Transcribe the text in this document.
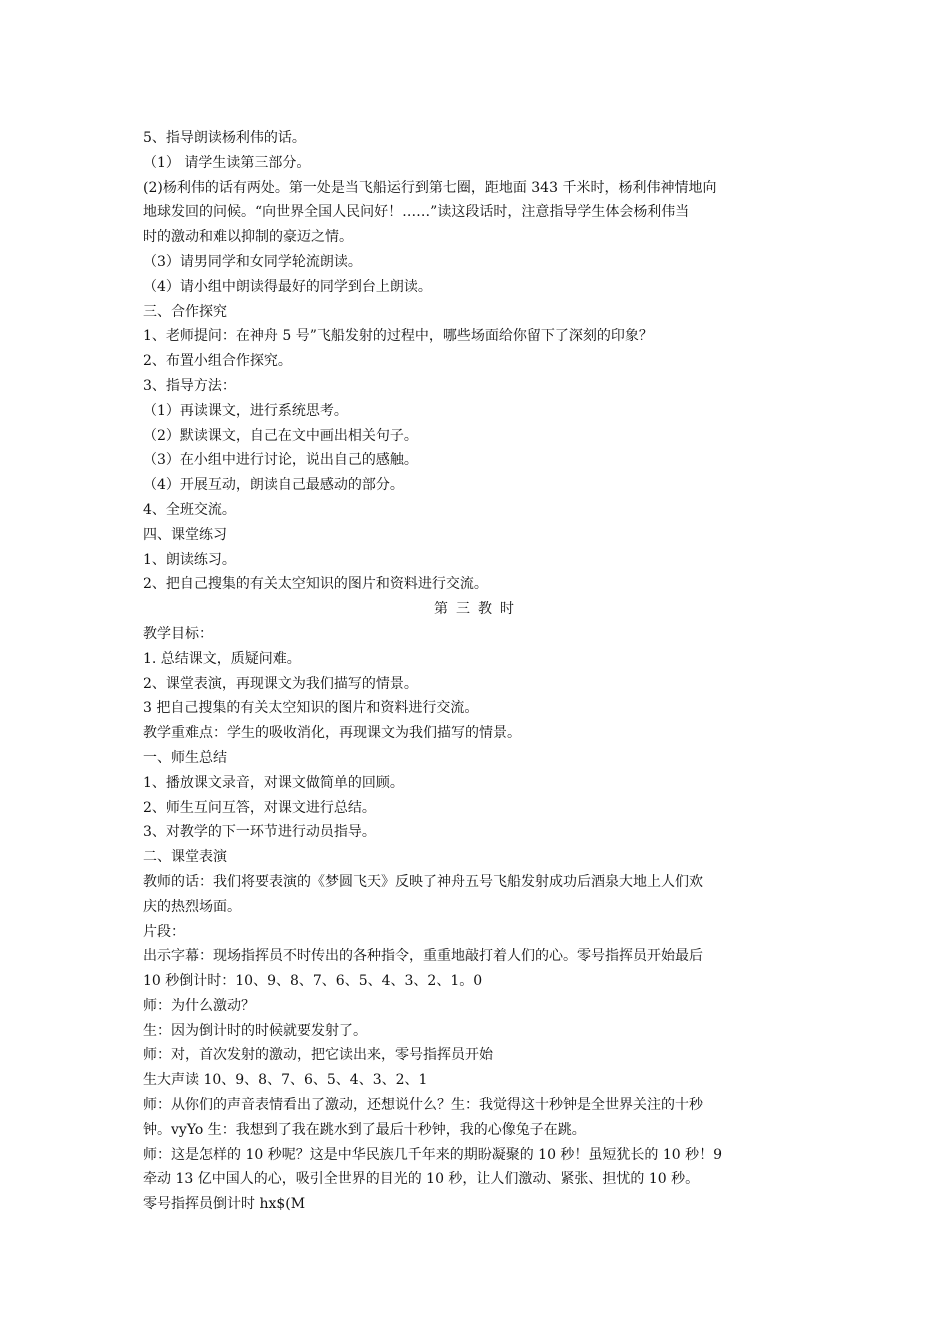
5、指导朗读杨利伟的话。
（1） 请学生读第三部分。
(2)杨利伟的话有两处。第一处是当飞船运行到第七圈，距地面 343 千米时，杨利伟神情地向
地球发回的问候。“向世界全国人民问好！……”读这段话时，注意指导学生体会杨利伟当
时的激动和难以抑制的豪迈之情。
（3）请男同学和女同学轮流朗读。
（4）请小组中朗读得最好的同学到台上朗读。
三、合作探究
1、老师提问：在神舟 5 号”飞船发射的过程中，哪些场面给你留下了深刻的印象？
2、布置小组合作探究。
3、指导方法：
（1）再读课文，进行系统思考。
（2）默读课文，自己在文中画出相关句子。
（3）在小组中进行讨论，说出自己的感触。
（4）开展互动，朗读自己最感动的部分。
4、全班交流。
四、课堂练习
1、朗读练习。
2、把自己搜集的有关太空知识的图片和资料进行交流。
第三教时
教学目标：
1. 总结课文，质疑问难。
2、课堂表演，再现课文为我们描写的情景。
3 把自己搜集的有关太空知识的图片和资料进行交流。
教学重难点：学生的吸收消化，再现课文为我们描写的情景。
一、师生总结
1、播放课文录音，对课文做简单的回顾。
2、师生互问互答，对课文进行总结。
3、对教学的下一环节进行动员指导。
二、课堂表演
教师的话：我们将要表演的《梦圆飞天》反映了神舟五号飞船发射成功后酒泉大地上人们欢
庆的热烈场面。
片段：
出示字幕：现场指挥员不时传出的各种指令，重重地敲打着人们的心。零号指挥员开始最后
10 秒倒计时：10、9、8、7、6、5、4、3、2、1。0
师：为什么激动？
生：因为倒计时的时候就要发射了。
师：对，首次发射的激动，把它读出来，零号指挥员开始
生大声读 10、9、8、7、6、5、4、3、2、1
师：从你们的声音表情看出了激动，还想说什么？生：我觉得这十秒钟是全世界关注的十秒
钟。vyYo 生：我想到了我在跳水到了最后十秒钟，我的心像兔子在跳。
师：这是怎样的 10 秒呢？这是中华民族几千年来的期盼凝聚的 10 秒！虽短犹长的 10 秒！9
牵动 13 亿中国人的心，吸引全世界的目光的 10 秒，让人们激动、紧张、担忧的 10 秒。
零号指挥员倒计时 hx$(M
